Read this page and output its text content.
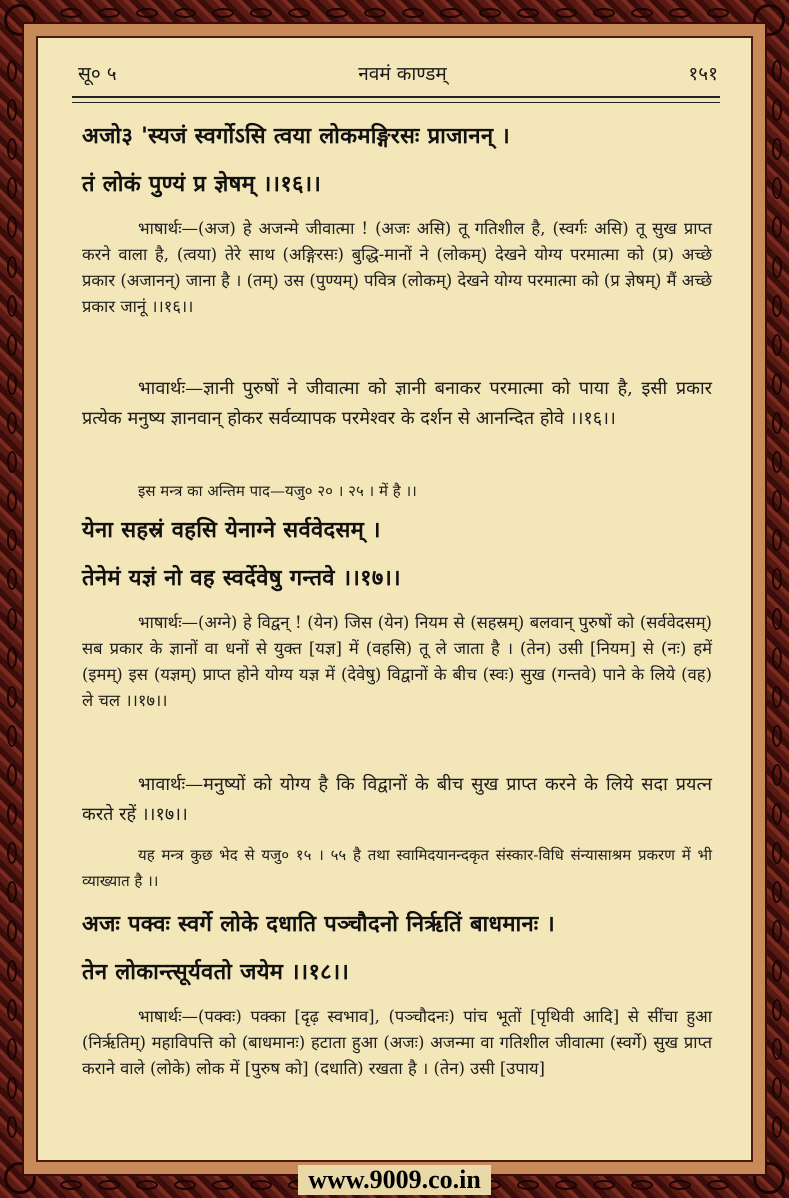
सू० ५	नवमं काण्डम्	१५१
अजो३ 'स्यजं स्वर्गोऽसि त्वया लोकमङ्गिरसः प्राजानन् ।
तं लोकं पुण्यं प्र ज्ञेषम् ।।१६।।
भाषार्थः—(अज) हे अजन्मे जीवात्मा ! (अजः असि) तू गतिशील है, (स्वर्गः असि) तू सुख प्राप्त करने वाला है, (त्वया) तेरे साथ (अङ्गिरसः) बुद्धि-मानों ने (लोकम्) देखने योग्य परमात्मा को (प्र) अच्छे प्रकार (अजानन्) जाना है । (तम्) उस (पुण्यम्) पवित्र (लोकम्) देखने योग्य परमात्मा को (प्र ज्ञेषम्) मैं अच्छे प्रकार जानूं ।।१६।।
भावार्थः—ज्ञानी पुरुषों ने जीवात्मा को ज्ञानी बनाकर परमात्मा को पाया है, इसी प्रकार प्रत्येक मनुष्य ज्ञानवान् होकर सर्वव्यापक परमेश्वर के दर्शन से आनन्दित होवे ।।१६।।
इस मन्त्र का अन्तिम पाद—यजु० २० । २५ । में है ।।
येना सहस्रं वहसि येनाग्ने सर्ववेदसम् ।
तेनेमं यज्ञं नो वह स्वर्देवेषु गन्तवे ।।१७।।
भाषार्थः—(अग्ने) हे विद्वन् ! (येन) जिस (येन) नियम से (सहस्रम्) बलवान् पुरुषों को (सर्ववेदसम्) सब प्रकार के ज्ञानों वा धनों से युक्त [यज्ञ] में (वहसि) तू ले जाता है । (तेन) उसी [नियम] से (नः) हमें (इमम्) इस (यज्ञम्) प्राप्त होने योग्य यज्ञ में (देवेषु) विद्वानों के बीच (स्वः) सुख (गन्तवे) पाने के लिये (वह) ले चल ।।१७।।
भावार्थः—मनुष्यों को योग्य है कि विद्वानों के बीच सुख प्राप्त करने के लिये सदा प्रयत्न करते रहें ।।१७।।
यह मन्त्र कुछ भेद से यजु० १५ । ५५ है तथा स्वामिदयानन्दकृत संस्कार-विधि संन्यासाश्रम प्रकरण में भी व्याख्यात है ।।
अजः पक्वः स्वर्गे लोके दधाति पञ्चौदनो निर्ऋतिं बाधमानः ।
तेन लोकान्त्सूर्यवतो जयेम ।।१८।।
भाषार्थः—(पक्वः) पक्का [दृढ़ स्वभाव], (पञ्चौदनः) पांच भूतों [पृथिवी आदि] से सींचा हुआ (निर्ऋतिम्) महाविपत्ति को (बाधमानः) हटाता हुआ (अजः) अजन्मा वा गतिशील जीवात्मा (स्वर्गे) सुख प्राप्त कराने वाले (लोके) लोक में [पुरुष को] (दधाति) रखता है । (तेन) उसी [उपाय]
www.9009.co.in
